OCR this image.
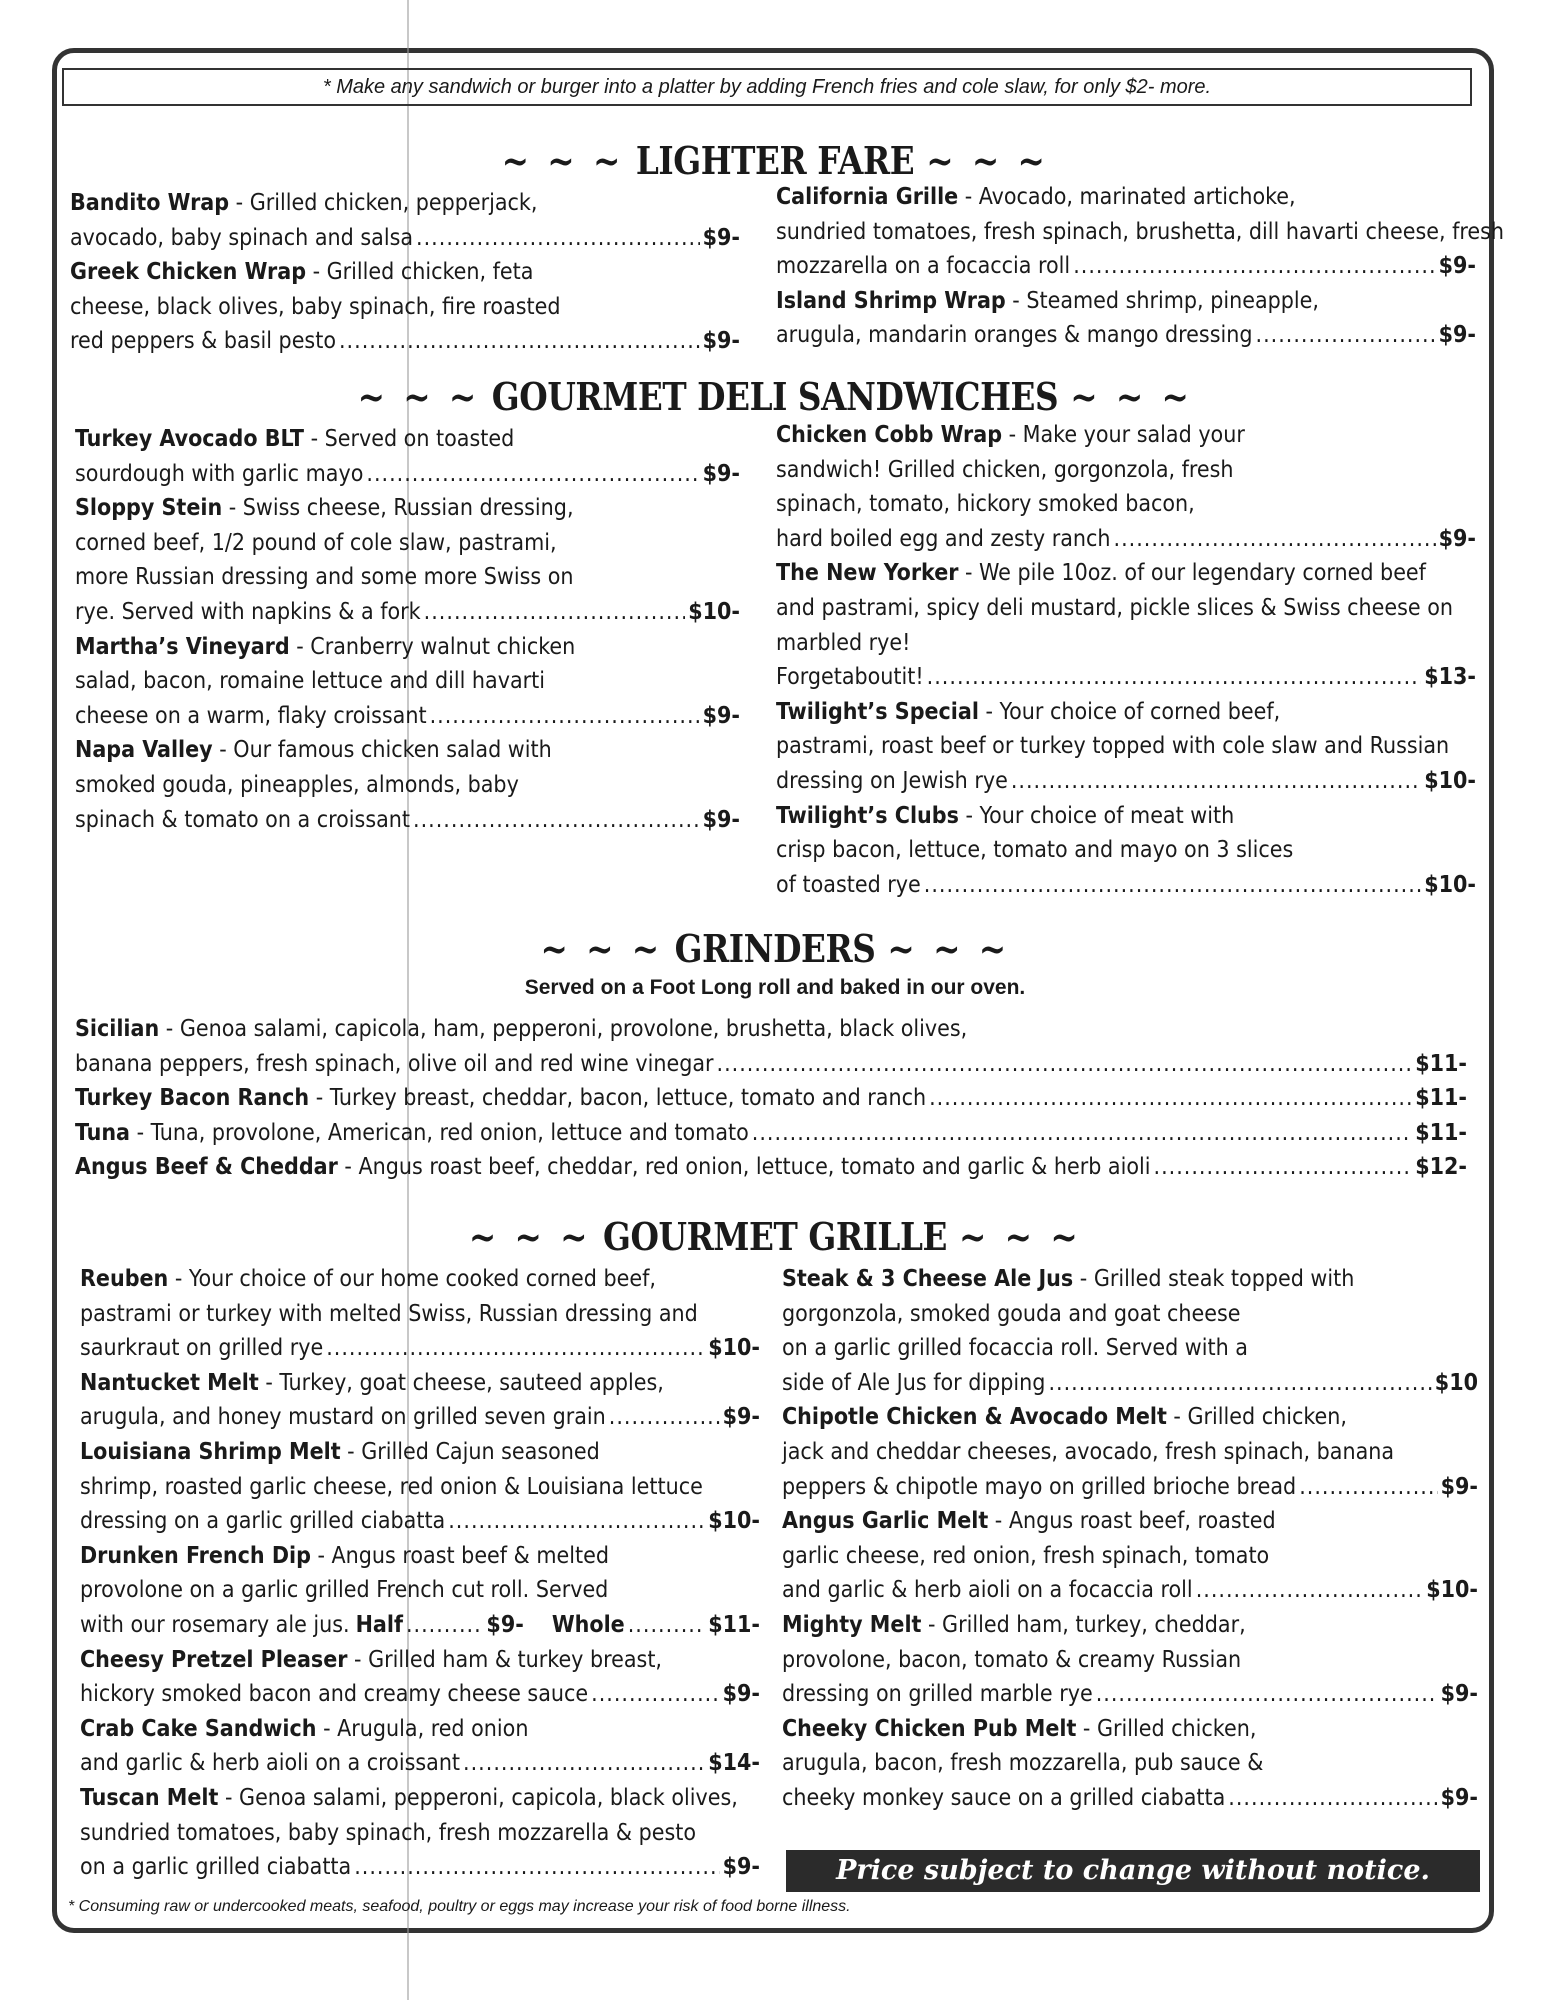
* Make any sandwich or burger into a platter by adding French fries and cole slaw, for only $2- more.
~ ~ ~ LIGHTER FARE ~ ~ ~
Bandito Wrap - Grilled chicken, pepperjack,
avocado, baby spinach and salsa .....	$9-
Greek Chicken Wrap - Grilled chicken, feta
cheese, black olives, baby spinach, fire roasted
red peppers & basil pesto .....	$9-
California Grille - Avocado, marinated artichoke,
sundried tomatoes, fresh spinach, brushetta, dill havarti cheese, fresh
mozzarella on a focaccia roll .....	$9-
Island Shrimp Wrap - Steamed shrimp, pineapple,
arugula, mandarin oranges & mango dressing .....	$9-
~ ~ ~ GOURMET DELI SANDWICHES ~ ~ ~
Turkey Avocado BLT - Served on toasted
sourdough with garlic mayo .....	$9-
Sloppy Stein - Swiss cheese, Russian dressing,
corned beef, 1/2 pound of cole slaw, pastrami,
more Russian dressing and some more Swiss on
rye. Served with napkins & a fork .....	$10-
Martha’s Vineyard - Cranberry walnut chicken
salad, bacon, romaine lettuce and dill havarti
cheese on a warm, flaky croissant .....	$9-
Napa Valley - Our famous chicken salad with
smoked gouda, pineapples, almonds, baby
spinach & tomato on a croissant .....	$9-
Chicken Cobb Wrap - Make your salad your
sandwich! Grilled chicken, gorgonzola, fresh
spinach, tomato, hickory smoked bacon,
hard boiled egg and zesty ranch .....	$9-
The New Yorker - We pile 10oz. of our legendary corned beef
and pastrami, spicy deli mustard, pickle slices & Swiss cheese on
marbled rye!
Forgetaboutit! .....	$13-
Twilight’s Special - Your choice of corned beef,
pastrami, roast beef or turkey topped with cole slaw and Russian
dressing on Jewish rye .....	$10-
Twilight’s Clubs - Your choice of meat with
crisp bacon, lettuce, tomato and mayo on 3 slices
of toasted rye .....	$10-
~ ~ ~ GRINDERS ~ ~ ~
Served on a Foot Long roll and baked in our oven.
Sicilian - Genoa salami, capicola, ham, pepperoni, provolone, brushetta, black olives,
banana peppers, fresh spinach, olive oil and red wine vinegar .....	$11-
Turkey Bacon Ranch - Turkey breast, cheddar, bacon, lettuce, tomato and ranch .....	$11-
Tuna - Tuna, provolone, American, red onion, lettuce and tomato .....	$11-
Angus Beef & Cheddar - Angus roast beef, cheddar, red onion, lettuce, tomato and garlic & herb aioli .....	$12-
~ ~ ~ GOURMET GRILLE ~ ~ ~
Reuben - Your choice of our home cooked corned beef,
pastrami or turkey with melted Swiss, Russian dressing and
saurkraut on grilled rye .....	$10-
Nantucket Melt - Turkey, goat cheese, sauteed apples,
arugula, and honey mustard on grilled seven grain .....	$9-
Louisiana Shrimp Melt - Grilled Cajun seasoned
shrimp, roasted garlic cheese, red onion & Louisiana lettuce
dressing on a garlic grilled ciabatta .....	$10-
Drunken French Dip - Angus roast beef & melted
provolone on a garlic grilled French cut roll. Served
with our rosemary ale jus. Half .....	$9- Whole .....	$11-
Cheesy Pretzel Pleaser - Grilled ham & turkey breast,
hickory smoked bacon and creamy cheese sauce .....	$9-
Crab Cake Sandwich - Arugula, red onion
and garlic & herb aioli on a croissant .....	$14-
Tuscan Melt - Genoa salami, pepperoni, capicola, black olives,
sundried tomatoes, baby spinach, fresh mozzarella & pesto
on a garlic grilled ciabatta .....	$9-
Steak & 3 Cheese Ale Jus - Grilled steak topped with
gorgonzola, smoked gouda and goat cheese
on a garlic grilled focaccia roll. Served with a
side of Ale Jus for dipping .....	$10
Chipotle Chicken & Avocado Melt - Grilled chicken,
jack and cheddar cheeses, avocado, fresh spinach, banana
peppers & chipotle mayo on grilled brioche bread .....	$9-
Angus Garlic Melt - Angus roast beef, roasted
garlic cheese, red onion, fresh spinach, tomato
and garlic & herb aioli on a focaccia roll .....	$10-
Mighty Melt - Grilled ham, turkey, cheddar,
provolone, bacon, tomato & creamy Russian
dressing on grilled marble rye .....	$9-
Cheeky Chicken Pub Melt - Grilled chicken,
arugula, bacon, fresh mozzarella, pub sauce &
cheeky monkey sauce on a grilled ciabatta .....	$9-
Price subject to change without notice.
* Consuming raw or undercooked meats, seafood, poultry or eggs may increase your risk of food borne illness.
